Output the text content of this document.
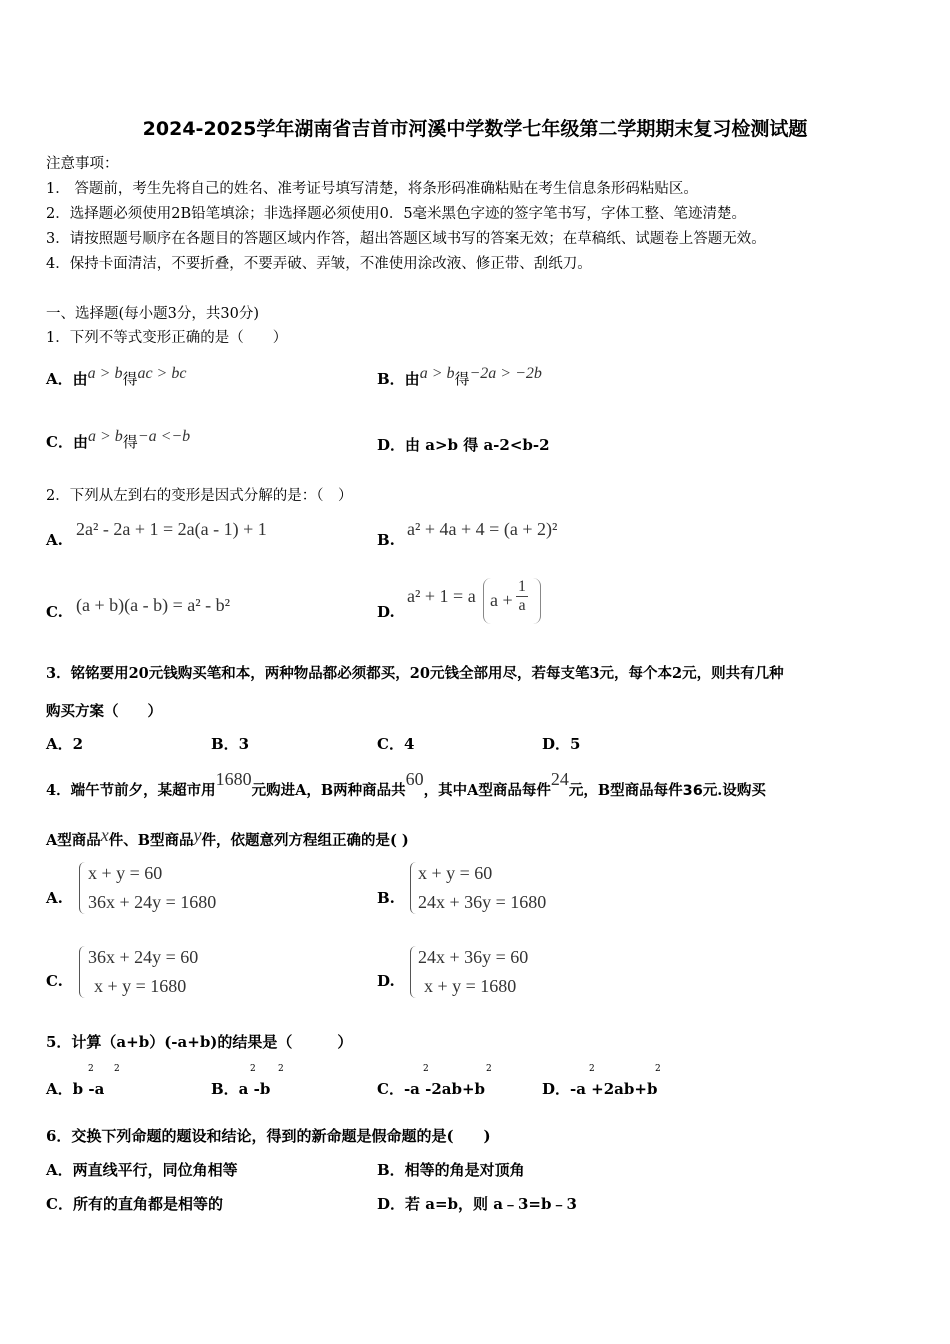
2024-2025学年湖南省吉首市河溪中学数学七年级第二学期期末复习检测试题
注意事项：
1． 答题前，考生先将自己的姓名、准考证号填写清楚，将条形码准确粘贴在考生信息条形码粘贴区。
2．选择题必须使用2B铅笔填涂；非选择题必须使用0．5毫米黑色字迹的签字笔书写，字体工整、笔迹清楚。
3．请按照题号顺序在各题目的答题区域内作答，超出答题区域书写的答案无效；在草稿纸、试题卷上答题无效。
4．保持卡面清洁，不要折叠，不要弄破、弄皱，不准使用涂改液、修正带、刮纸刀。
一、选择题(每小题3分，共30分)
1．下列不等式变形正确的是（　　）
A．由a > b得ac > bc	B．由a > b得−2a > −2b
C．由a > b得−a <−b	D．由 a>b 得 a-2<b-2
2．下列从左到右的变形是因式分解的是：（　）
A.
2a² - 2a + 1 = 2a(a - 1) + 1
B.
a² + 4a + 4 = (a + 2)²
C. (a + b)(a - b) = a² - b²	D.
a² + 1 = a $a + \frac{1}{a}$
3．铭铭要用20元钱购买笔和本，两种物品都必须都买，20元钱全部用尽，若每支笔3元，每个本2元，则共有几种
购买方案（　　）
A．2	B．3	C．4	D．5
4．端午节前夕，某超市用1680元购进A，B两种商品共60，其中A型商品每件24元，B型商品每件36元.设购买
A型商品x件、B型商品y件，依题意列方程组正确的是( )
A.
x + y = 60
36x + 24y = 1680	B.
x + y = 60
24x + 36y = 1680
C.
36x + 24y = 60
x + y = 1680	D.
24x + 36y = 60
x + y = 1680
5．计算（a+b）(-a+b)的结果是（　　　）
A．b -a
2 2
B．a -b
2 2
C．-a -2ab+b
2	2
D．-a +2ab+b
2	2
6．交换下列命题的题设和结论，得到的新命题是假命题的是(　　)
A．两直线平行，同位角相等	B．相等的角是对顶角
C．所有的直角都是相等的	D．若 a=b，则 a﹣3=b﹣3
